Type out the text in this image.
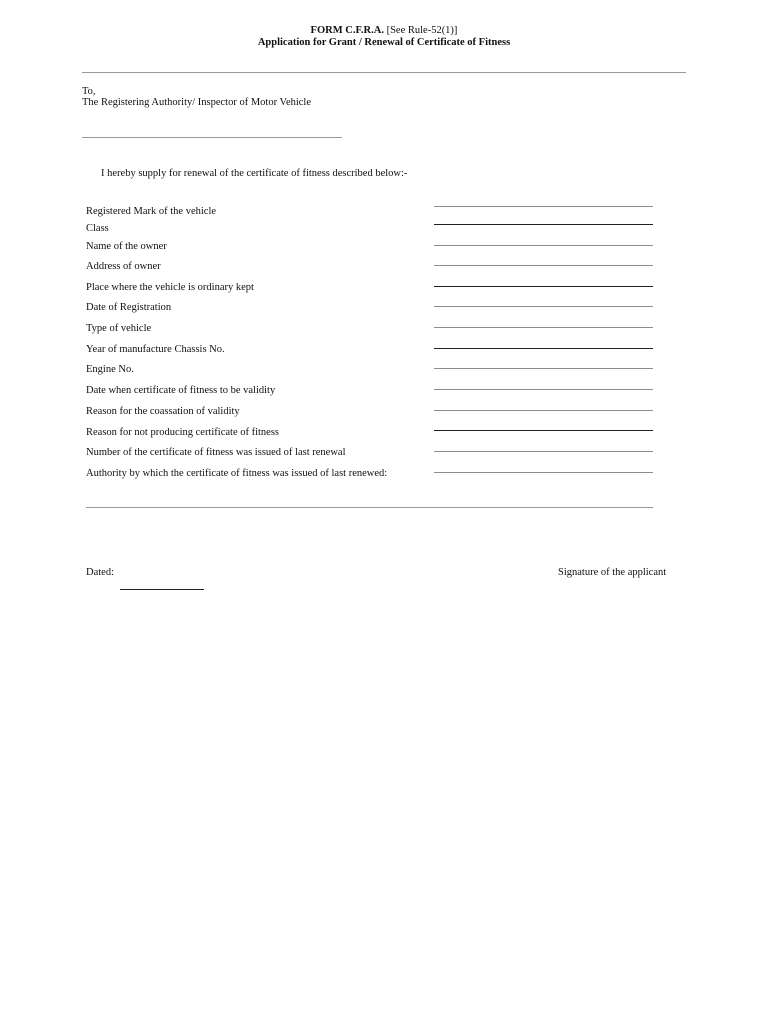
FORM C.F.R.A. [See Rule-52(1)]
Application for Grant / Renewal of Certificate of Fitness
To,
The Registering Authority/ Inspector of Motor Vehicle
I hereby supply for renewal of the certificate of fitness described below:-
Registered Mark of the vehicle
Class
Name of the owner
Address of owner
Place where the vehicle is ordinary kept
Date of Registration
Type of vehicle
Year of manufacture Chassis No.
Engine No.
Date when certificate of fitness to be validity
Reason for the coassation of validity
Reason for not producing certificate of fitness
Number of the certificate of fitness was issued of last renewal
Authority by which the certificate of fitness was issued of last renewed:
Dated:	Signature of the applicant
